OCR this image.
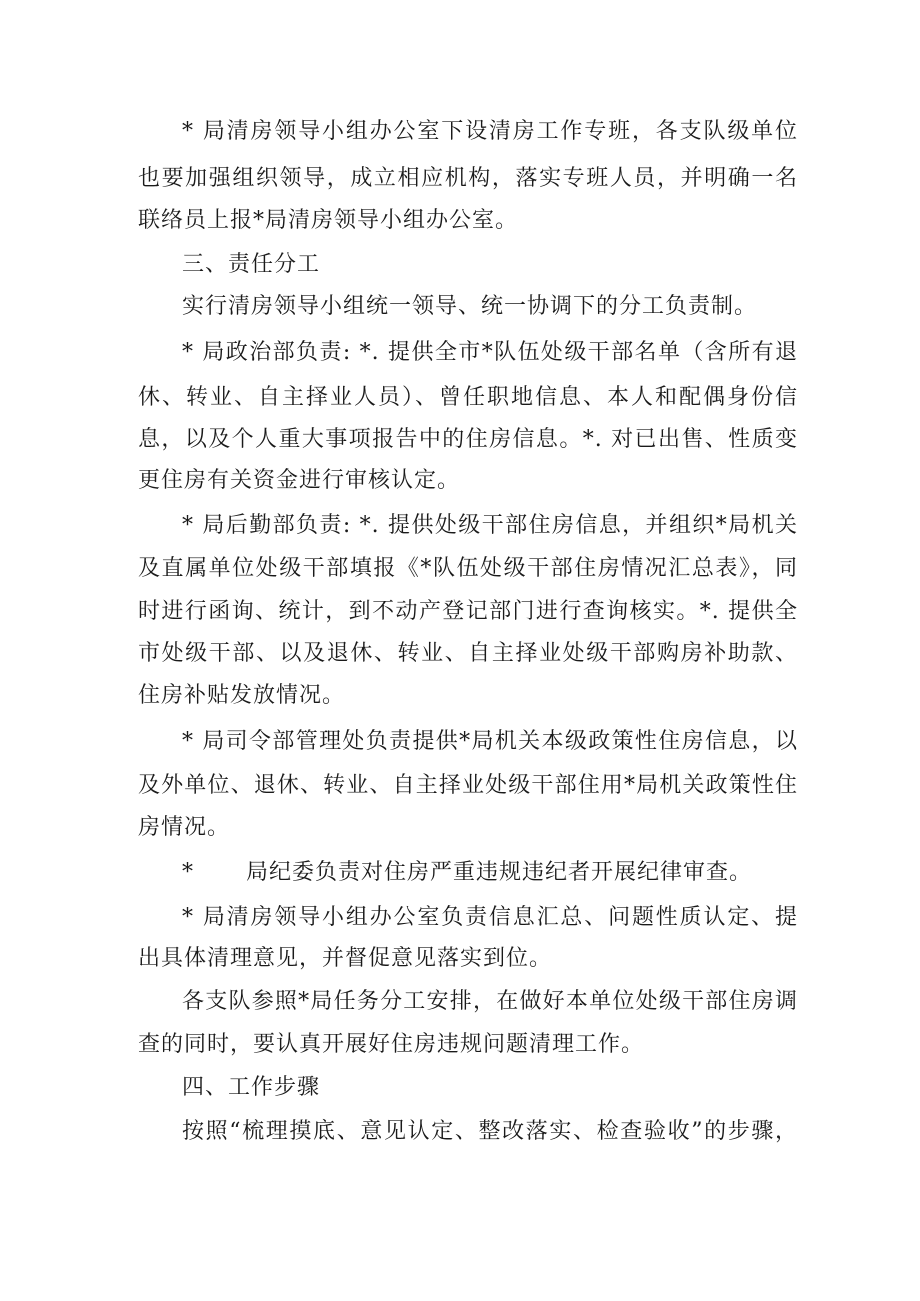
* 局清房领导小组办公室下设清房工作专班，各支队级单位
也要加强组织领导，成立相应机构，落实专班人员，并明确一名
联络员上报*局清房领导小组办公室。
三、责任分工
实行清房领导小组统一领导、统一协调下的分工负责制。
* 局政治部负责: *. 提供全市*队伍处级干部名单（含所有退
休、转业、自主择业人员）、曾任职地信息、本人和配偶身份信
息，以及个人重大事项报告中的住房信息。*. 对已出售、性质变
更住房有关资金进行审核认定。
* 局后勤部负责: *. 提供处级干部住房信息，并组织*局机关
及直属单位处级干部填报《*队伍处级干部住房情况汇总表》，同
时进行函询、统计，到不动产登记部门进行查询核实。*. 提供全
市处级干部、以及退休、转业、自主择业处级干部购房补助款、
住房补贴发放情况。
* 局司令部管理处负责提供*局机关本级政策性住房信息，以
及外单位、退休、转业、自主择业处级干部住用*局机关政策性住
房情况。
* 局纪委负责对住房严重违规违纪者开展纪律审查。
* 局清房领导小组办公室负责信息汇总、问题性质认定、提
出具体清理意见，并督促意见落实到位。
各支队参照*局任务分工安排，在做好本单位处级干部住房调
查的同时，要认真开展好住房违规问题清理工作。
四、工作步骤
按照“梳理摸底、意见认定、整改落实、检查验收”的步骤，
